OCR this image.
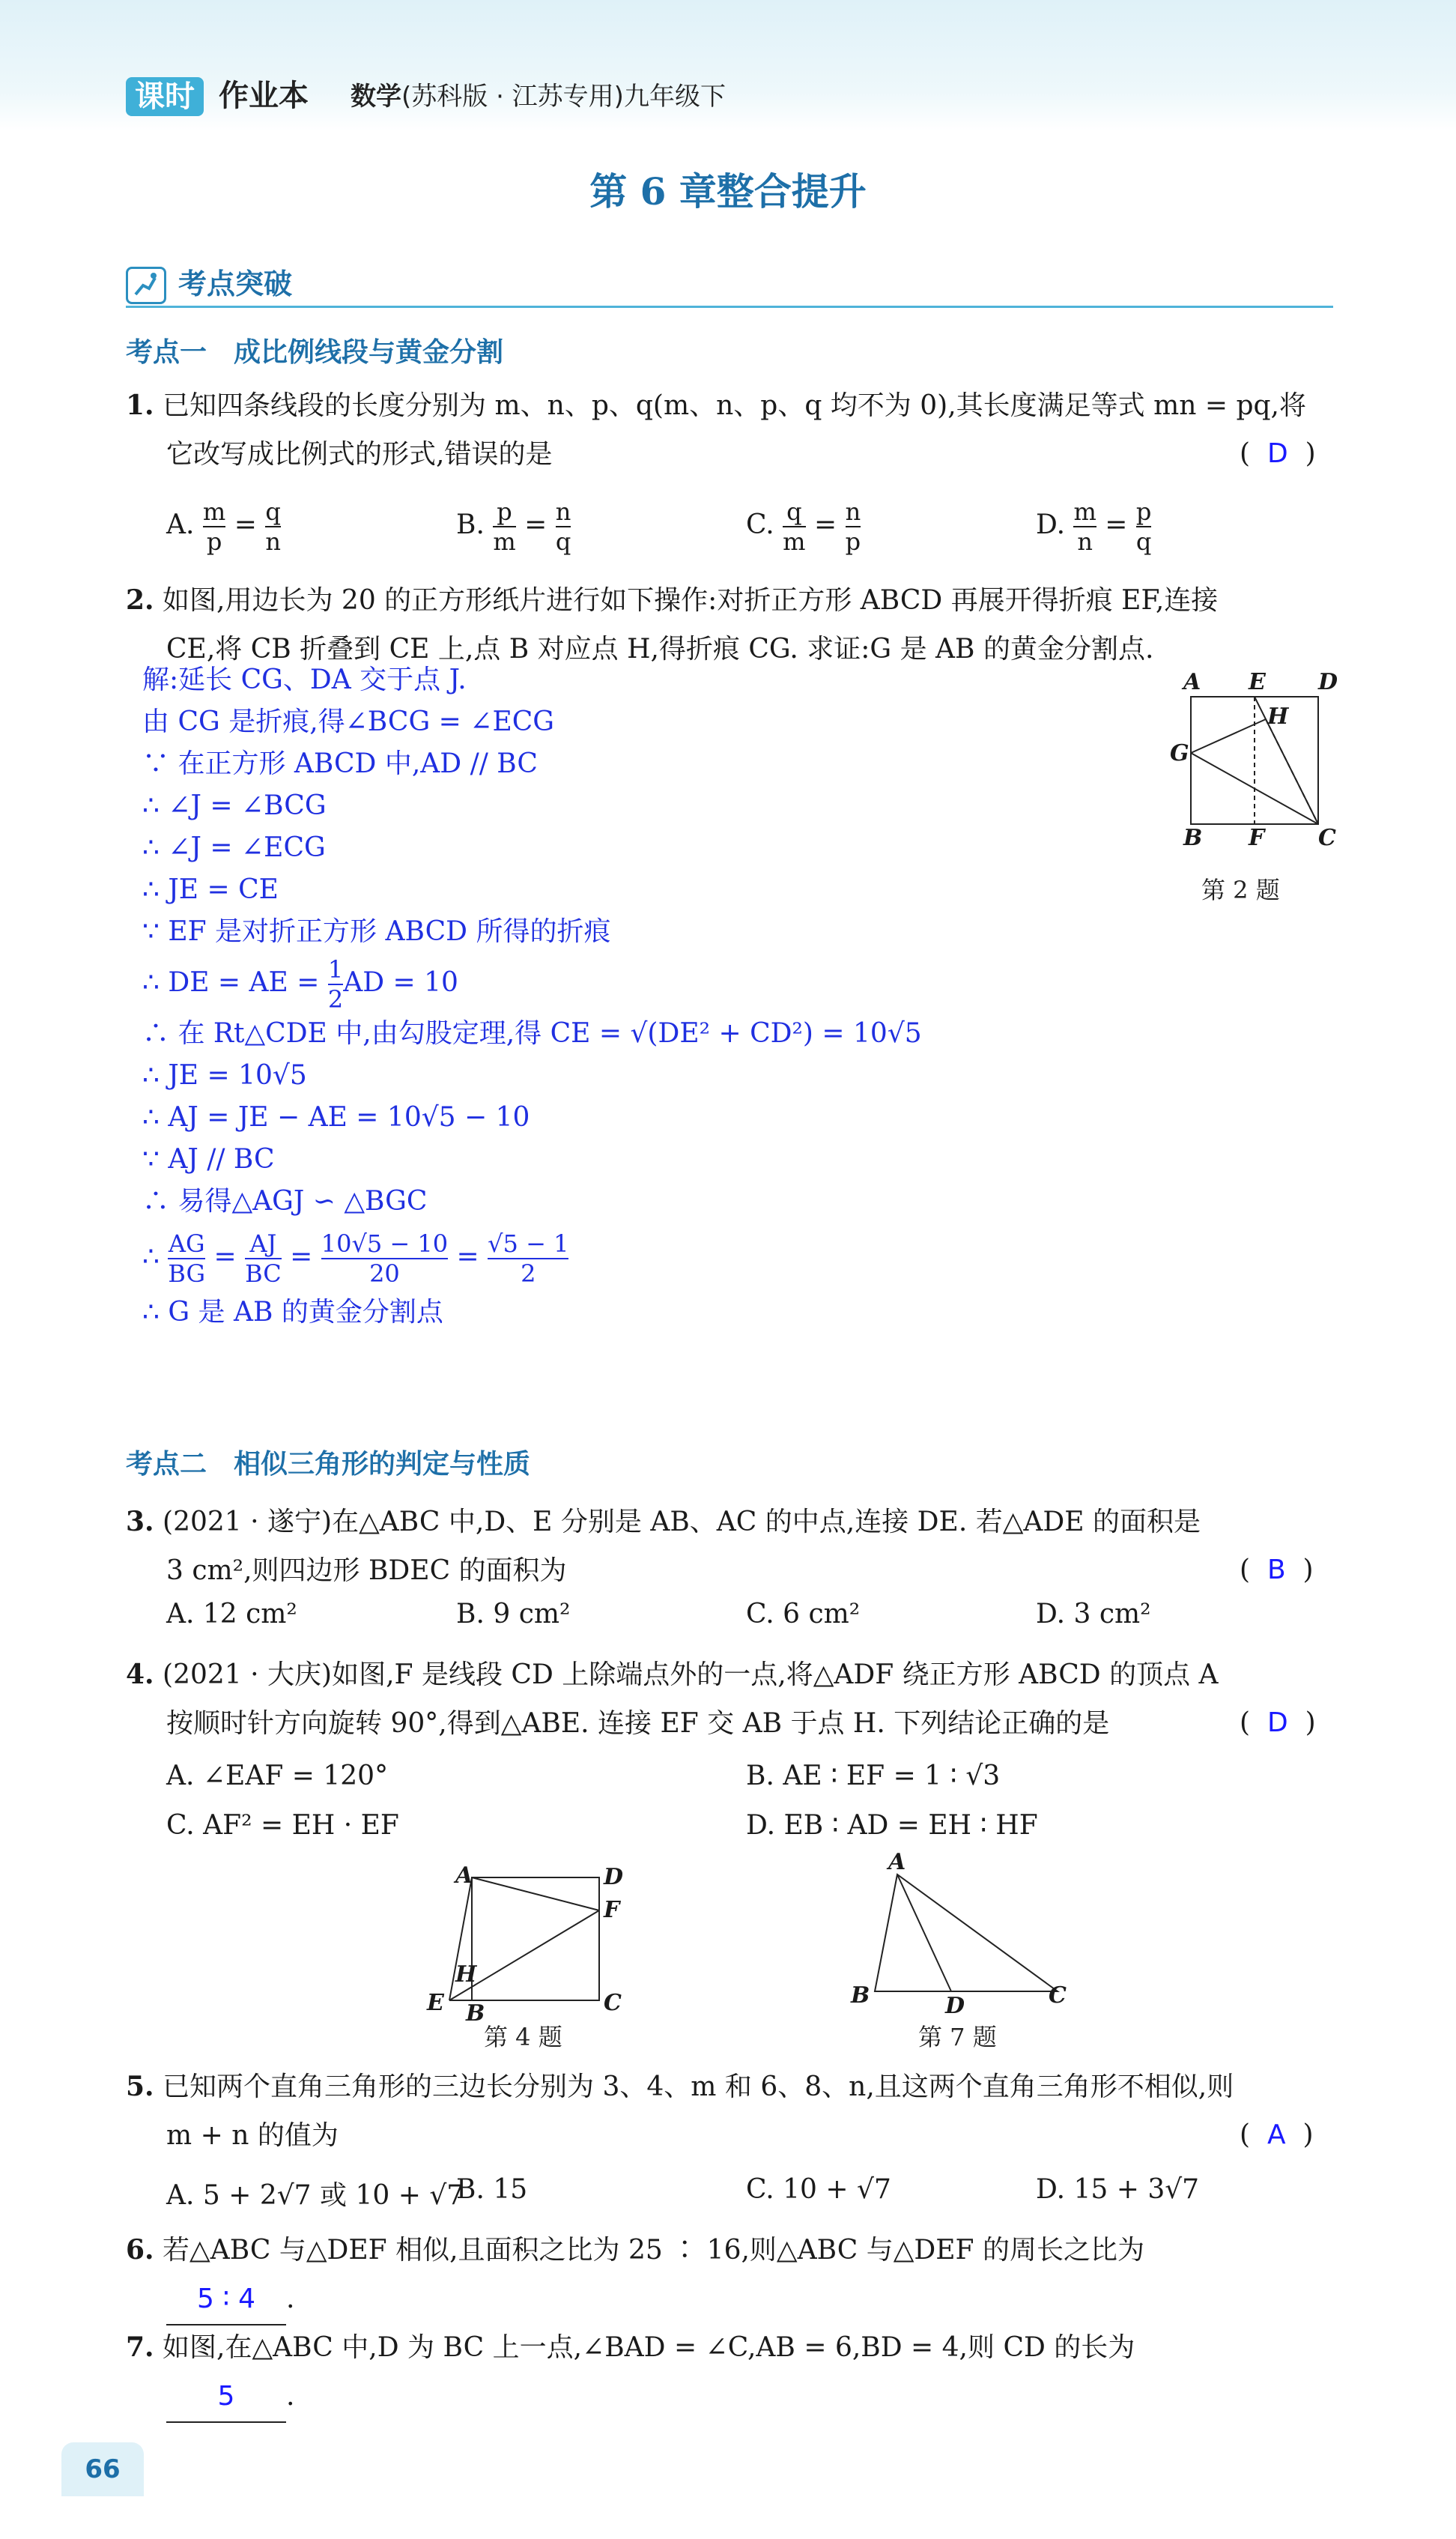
课时 作业本 数学(苏科版 · 江苏专用)九年级下
第 6 章整合提升
考点突破
考点一　成比例线段与黄金分割
1. 已知四条线段的长度分别为 m、n、p、q(m、n、p、q 均不为 0),其长度满足等式 mn = pq,将
它改写成比例式的形式,错误的是	( D )
A. $\frac{m}{p} = \frac{q}{n}$	B. $\frac{p}{m} = \frac{n}{q}$	C. $\frac{q}{m} = \frac{n}{p}$	D. $\frac{m}{n} = \frac{p}{q}$
2. 如图,用边长为 20 的正方形纸片进行如下操作:对折正方形 ABCD 再展开得折痕 EF,连接
CE,将 CB 折叠到 CE 上,点 B 对应点 H,得折痕 CG. 求证:G 是 AB 的黄金分割点.
解:延长 CG、DA 交于点 J.
由 CG 是折痕,得∠BCG = ∠ECG
∵ 在正方形 ABCD 中,AD // BC
∴ ∠J = ∠BCG
∴ ∠J = ∠ECG
∴ JE = CE
∵ EF 是对折正方形 ABCD 所得的折痕
∴ DE = AE = $\frac{1}{2}$ AD = 10
∴ 在 Rt△CDE 中,由勾股定理,得 CE = √(DE² + CD²) = 10√5
∴ JE = 10√5
∴ AJ = JE − AE = 10√5 − 10
∵ AJ // BC
∴ 易得△AGJ ∽ △BGC
∴ $\frac{AG}{BG} = \frac{AJ}{BC} = \frac{10√5 - 10}{20} = \frac{√5 - 1}{2}$
∴ G 是 AB 的黄金分割点
A E D
H
G
B F C
第 2 题
考点二　相似三角形的判定与性质
3. (2021 · 遂宁)在△ABC 中,D、E 分别是 AB、AC 的中点,连接 DE. 若△ADE 的面积是
3 cm²,则四边形 BDEC 的面积为	( B )
A. 12 cm²	B. 9 cm²	C. 6 cm²	D. 3 cm²
4. (2021 · 大庆)如图,F 是线段 CD 上除端点外的一点,将△ADF 绕正方形 ABCD 的顶点 A
按顺时针方向旋转 90°,得到△ABE. 连接 EF 交 AB 于点 H. 下列结论正确的是	( D )
A. ∠EAF = 120°	B. AE ∶ EF = 1 ∶ √3
C. AF² = EH · EF	D. EB ∶ AD = EH ∶ HF
A	D
F
H
E B	C
第 4 题
A
B	D	C
第 7 题
5. 已知两个直角三角形的三边长分别为 3、4、m 和 6、8、n,且这两个直角三角形不相似,则
m + n 的值为	( A )
A. 5 + 2√7 或 10 + √7
B. 15	C. 10 + √7	D. 15 + 3√7
6. 若△ABC 与△DEF 相似,且面积之比为 25 ∶ 16,则△ABC 与△DEF 的周长之比为
5 ∶ 4 .
7. 如图,在△ABC 中,D 为 BC 上一点,∠BAD = ∠C,AB = 6,BD = 4,则 CD 的长为
5 .
66
